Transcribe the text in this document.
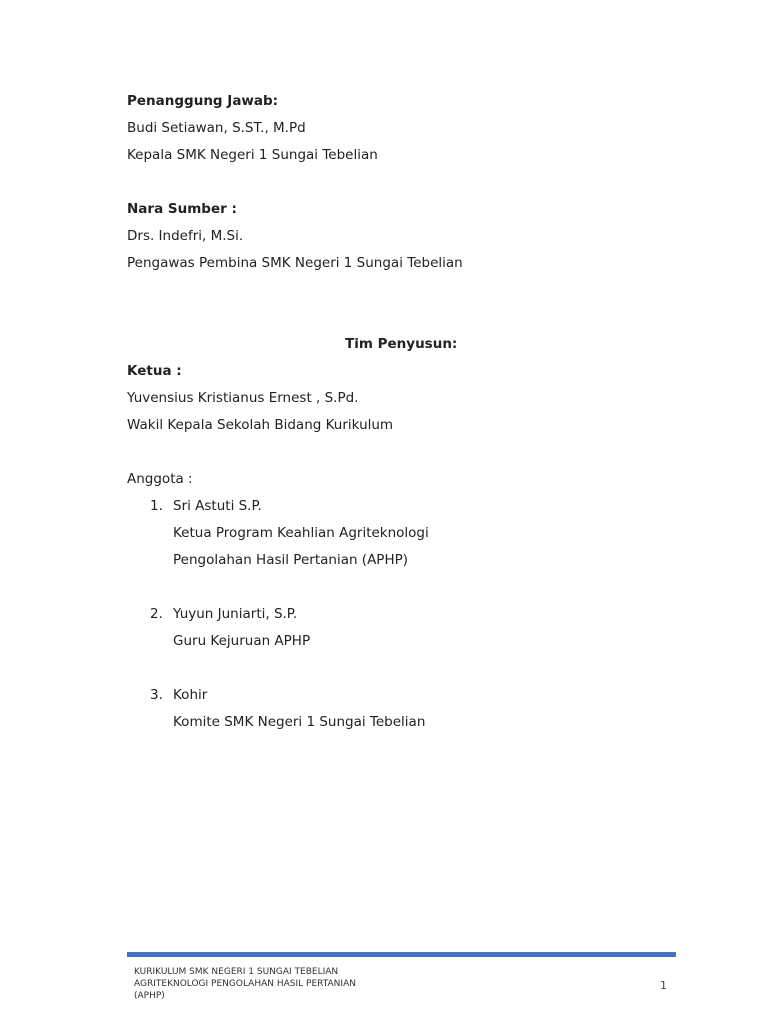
Penanggung Jawab:
Budi Setiawan, S.ST., M.Pd
Kepala SMK Negeri 1 Sungai Tebelian
Nara Sumber :
Drs. Indefri, M.Si.
Pengawas Pembina SMK Negeri 1 Sungai Tebelian
Tim Penyusun:
Ketua :
Yuvensius Kristianus Ernest , S.Pd.
Wakil Kepala Sekolah Bidang Kurikulum
Anggota :
1. Sri Astuti S.P.
Ketua Program Keahlian Agriteknologi
Pengolahan Hasil Pertanian (APHP)
2. Yuyun Juniarti, S.P.
Guru Kejuruan APHP
3. Kohir
Komite SMK Negeri 1 Sungai Tebelian
KURIKULUM SMK NEGERI 1 SUNGAI TEBELIAN
AGRITEKNOLOGI PENGOLAHAN HASIL PERTANIAN
(APHP)
1
